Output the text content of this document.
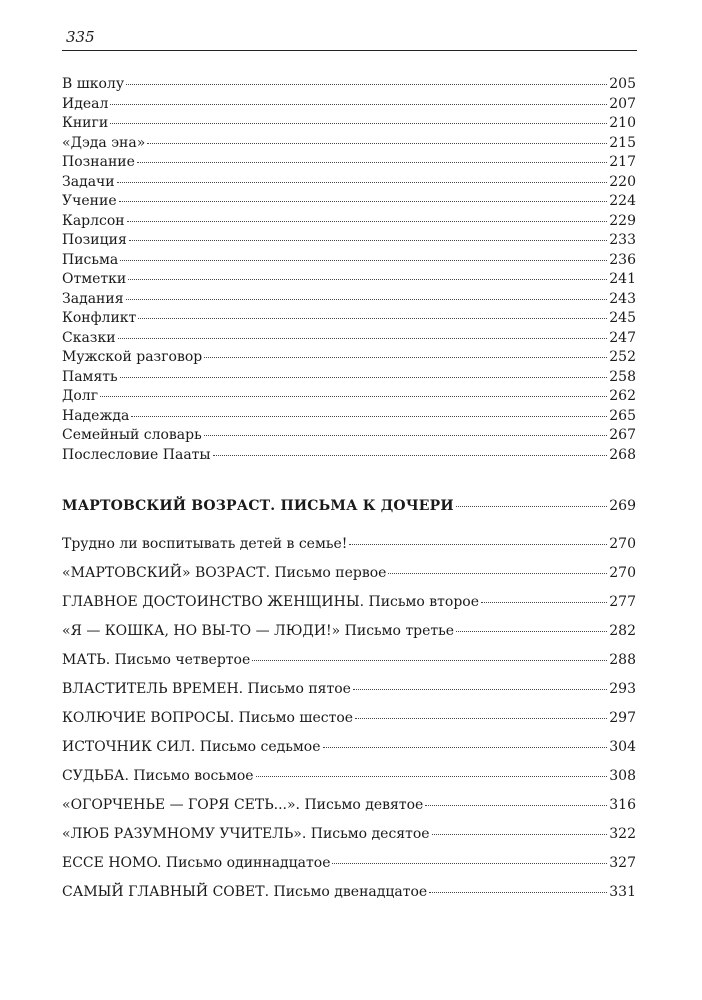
335
В школу	205
Идеал	207
Книги	210
«Дэда эна»	215
Познание	217
Задачи	220
Учение	224
Карлсон	229
Позиция	233
Письма	236
Отметки	241
Задания	243
Конфликт	245
Сказки	247
Мужской разговор	252
Память	258
Долг	262
Надежда	265
Семейный словарь	267
Послесловие Пааты	268
МАРТОВСКИЙ ВОЗРАСТ. ПИСЬМА К ДОЧЕРИ	269
Трудно ли воспитывать детей в семье!	270
«МАРТОВСКИЙ» ВОЗРАСТ. Письмо первое	270
ГЛАВНОЕ ДОСТОИНСТВО ЖЕНЩИНЫ. Письмо второе	277
«Я — КОШКА, НО ВЫ-ТО — ЛЮДИ!» Письмо третье	282
МАТЬ. Письмо четвертое	288
ВЛАСТИТЕЛЬ ВРЕМЕН. Письмо пятое	293
КОЛЮЧИЕ ВОПРОСЫ. Письмо шестое	297
ИСТОЧНИК СИЛ. Письмо седьмое	304
СУДЬБА. Письмо восьмое	308
«ОГОРЧЕНЬЕ — ГОРЯ СЕТЬ...». Письмо девятое	316
«ЛЮБ РАЗУМНОМУ УЧИТЕЛЬ». Письмо десятое	322
ECCE HOMO. Письмо одиннадцатое	327
САМЫЙ ГЛАВНЫЙ СОВЕТ. Письмо двенадцатое	331
